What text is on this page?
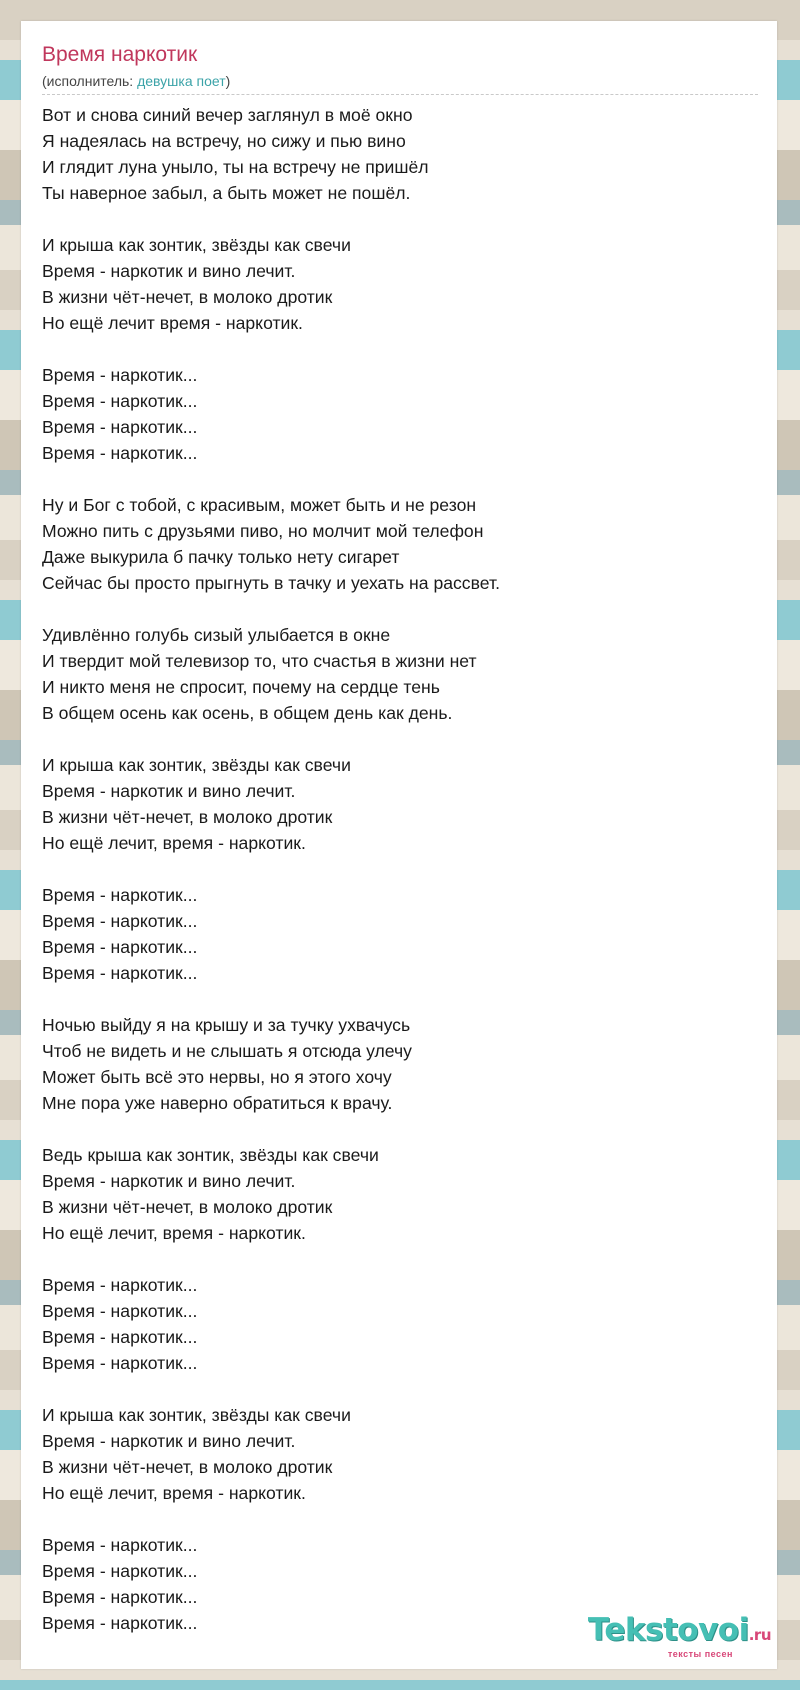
Время наркотик
(исполнитель: девушка поет)
Вот и снова синий вечер заглянул в моё окно
Я надеялась на встречу, но сижу и пью вино
И глядит луна уныло, ты на встречу не пришёл
Ты наверное забыл, а быть может не пошёл.
И крыша как зонтик, звёзды как свечи
Время - наркотик и вино лечит.
В жизни чёт-нечет, в молоко дротик
Но ещё лечит время - наркотик.
Время - наркотик...
Время - наркотик...
Время - наркотик...
Время - наркотик...
Ну и Бог с тобой, с красивым, может быть и не резон
Можно пить с друзьями пиво, но молчит мой телефон
Даже выкурила б пачку только нету сигарет
Сейчас бы просто прыгнуть в тачку и уехать на рассвет.
Удивлённо голубь сизый улыбается в окне
И твердит мой телевизор то, что счастья в жизни нет
И никто меня не спросит, почему на сердце тень
В общем осень как осень, в общем день как день.
И крыша как зонтик, звёзды как свечи
Время - наркотик и вино лечит.
В жизни чёт-нечет, в молоко дротик
Но ещё лечит, время - наркотик.
Время - наркотик...
Время - наркотик...
Время - наркотик...
Время - наркотик...
Ночью выйду я на крышу и за тучку ухвачусь
Чтоб не видеть и не слышать я отсюда улечу
Может быть всё это нервы, но я этого хочу
Мне пора уже наверно обратиться к врачу.
Ведь крыша как зонтик, звёзды как свечи
Время - наркотик и вино лечит.
В жизни чёт-нечет, в молоко дротик
Но ещё лечит, время - наркотик.
Время - наркотик...
Время - наркотик...
Время - наркотик...
Время - наркотик...
И крыша как зонтик, звёзды как свечи
Время - наркотик и вино лечит.
В жизни чёт-нечет, в молоко дротик
Но ещё лечит, время - наркотик.
Время - наркотик...
Время - наркотик...
Время - наркотик...
Время - наркотик...	Tekstovoi.ru
тексты песен
